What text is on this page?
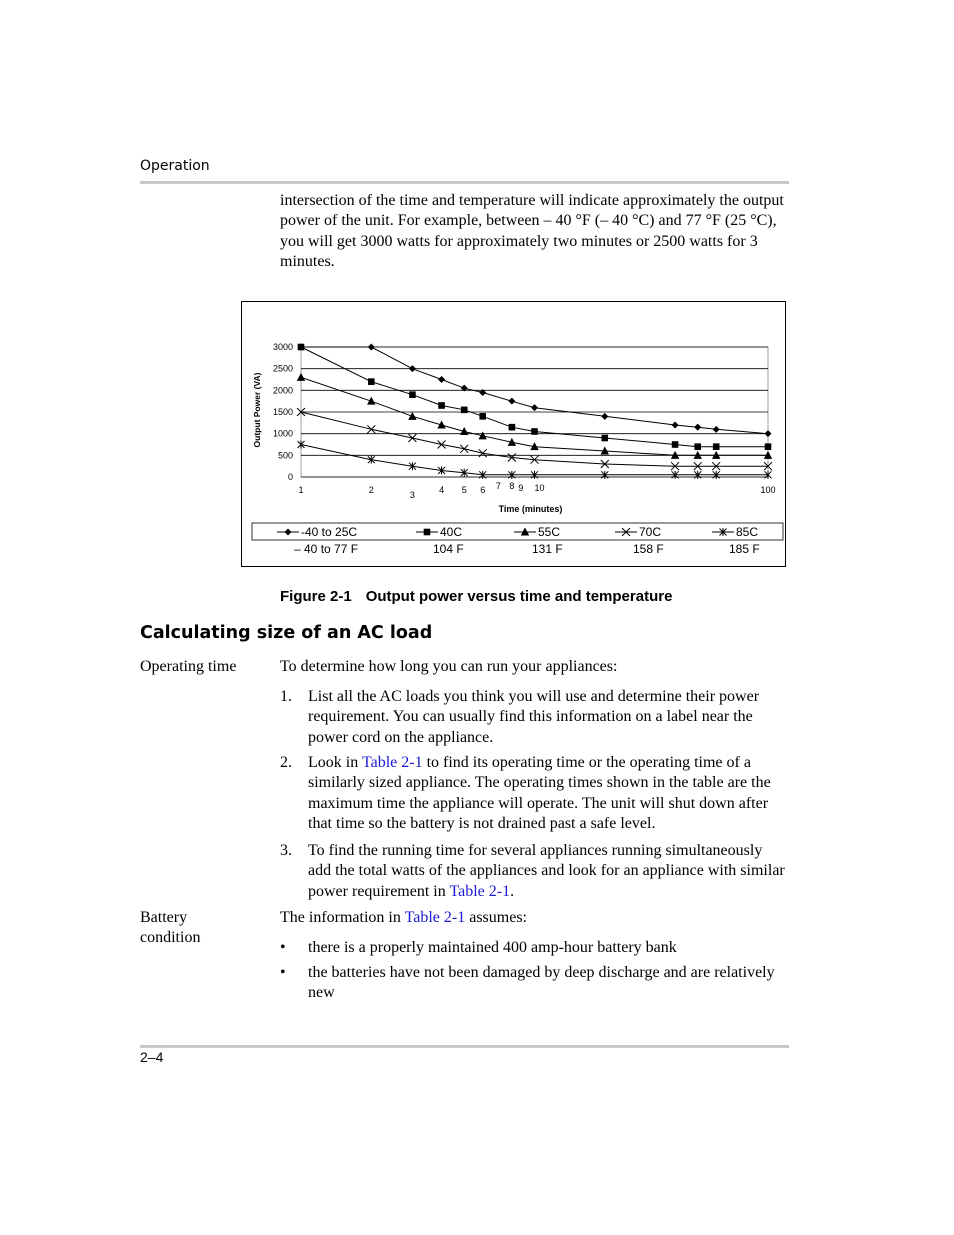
Operation
intersection of the time and temperature will indicate approximately the output power of the unit. For example, between – 40 °F (– 40 °C) and 77 °F (25 °C), you will get 3000 watts for approximately two minutes or 2500 watts for 3 minutes.
0
500
1000
1500
2000
2500
3000
1	2	3	4 5 6 7 8 9 10	100
Time (minutes)
Output Power (VA)
-40 to 25C
– 40 to 77 F
40C
104 F
55C
131 F
70C
158 F
85C
185 F
Figure 2-1 Output power versus time and temperature
Calculating size of an AC load
Operating time	To determine how long you can run your appliances:
1.	List all the AC loads you think you will use and determine their power requirement. You can usually find this information on a label near the power cord on the appliance.
2.	Look in Table 2-1 to find its operating time or the operating time of a similarly sized appliance. The operating times shown in the table are the maximum time the appliance will operate. The unit will shut down after that time so the battery is not drained past a safe level.
3.	To find the running time for several appliances running simultaneously add the total watts of the appliances and look for an appliance with similar power requirement in Table 2-1.
Battery
condition
The information in Table 2-1 assumes:
•	there is a properly maintained 400 amp-hour battery bank
•	the batteries have not been damaged by deep discharge and are relatively new
2–4
